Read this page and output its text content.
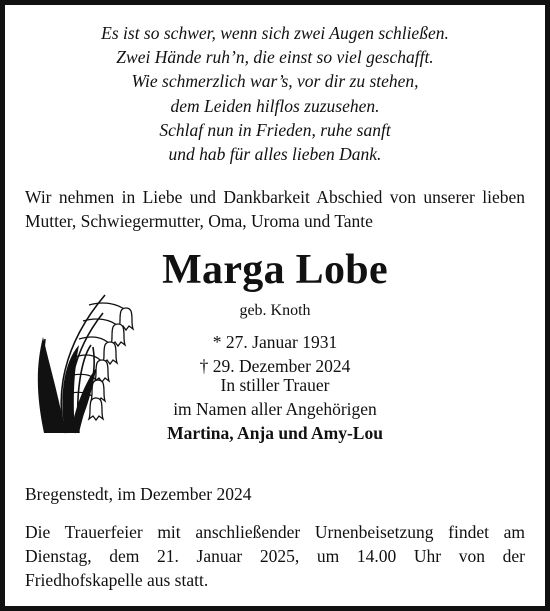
Es ist so schwer, wenn sich zwei Augen schließen.
Zwei Hände ruh’n, die einst so viel geschafft.
Wie schmerzlich war’s, vor dir zu stehen,
dem Leiden hilflos zuzusehen.
Schlaf nun in Frieden, ruhe sanft
und hab für alles lieben Dank.
Wir nehmen in Liebe und Dankbarkeit Abschied von unserer lieben Mutter, Schwiegermutter, Oma, Uroma und Tante
Marga Lobe
geb. Knoth
* 27. Januar 1931
† 29. Dezember 2024
In stiller Trauer
im Namen aller Angehörigen
Martina, Anja und Amy-Lou
Bregenstedt, im Dezember 2024
Die Trauerfeier mit anschließender Urnenbeisetzung findet am Dienstag, dem 21. Januar 2025, um 14.00 Uhr von der Friedhofskapelle aus statt.
